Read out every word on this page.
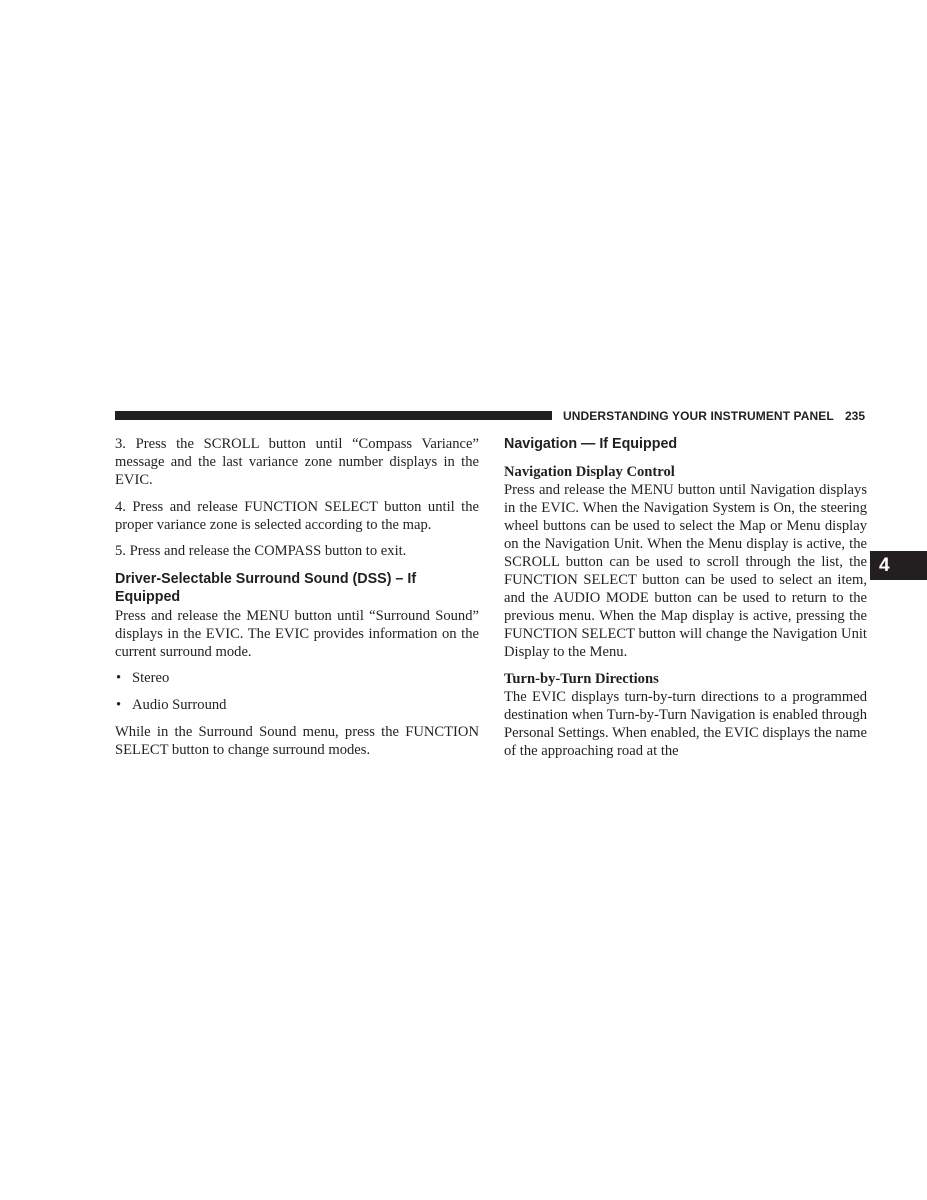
UNDERSTANDING YOUR INSTRUMENT PANEL 235
4

3. Press the SCROLL button until “Compass Variance” message and the last variance zone number displays in the EVIC.

4. Press and release FUNCTION SELECT button until the proper variance zone is selected according to the map.

5. Press and release the COMPASS button to exit.

Driver-Selectable Surround Sound (DSS) – If Equipped

Press and release the MENU button until “Surround Sound” displays in the EVIC. The EVIC provides information on the current surround mode.

• Stereo
• Audio Surround

While in the Surround Sound menu, press the FUNCTION SELECT button to change surround modes.

Navigation — If Equipped
Navigation Display Control

Press and release the MENU button until Navigation displays in the EVIC. When the Navigation System is On, the steering wheel buttons can be used to select the Map or Menu display on the Navigation Unit. When the Menu display is active, the SCROLL button can be used to scroll through the list, the FUNCTION SELECT button can be used to select an item, and the AUDIO MODE button can be used to return to the previous menu. When the Map display is active, pressing the FUNCTION SELECT button will change the Navigation Unit Display to the Menu.

Turn-by-Turn Directions

The EVIC displays turn-by-turn directions to a programmed destination when Turn-by-Turn Navigation is enabled through Personal Settings. When enabled, the EVIC displays the name of the approaching road at the
